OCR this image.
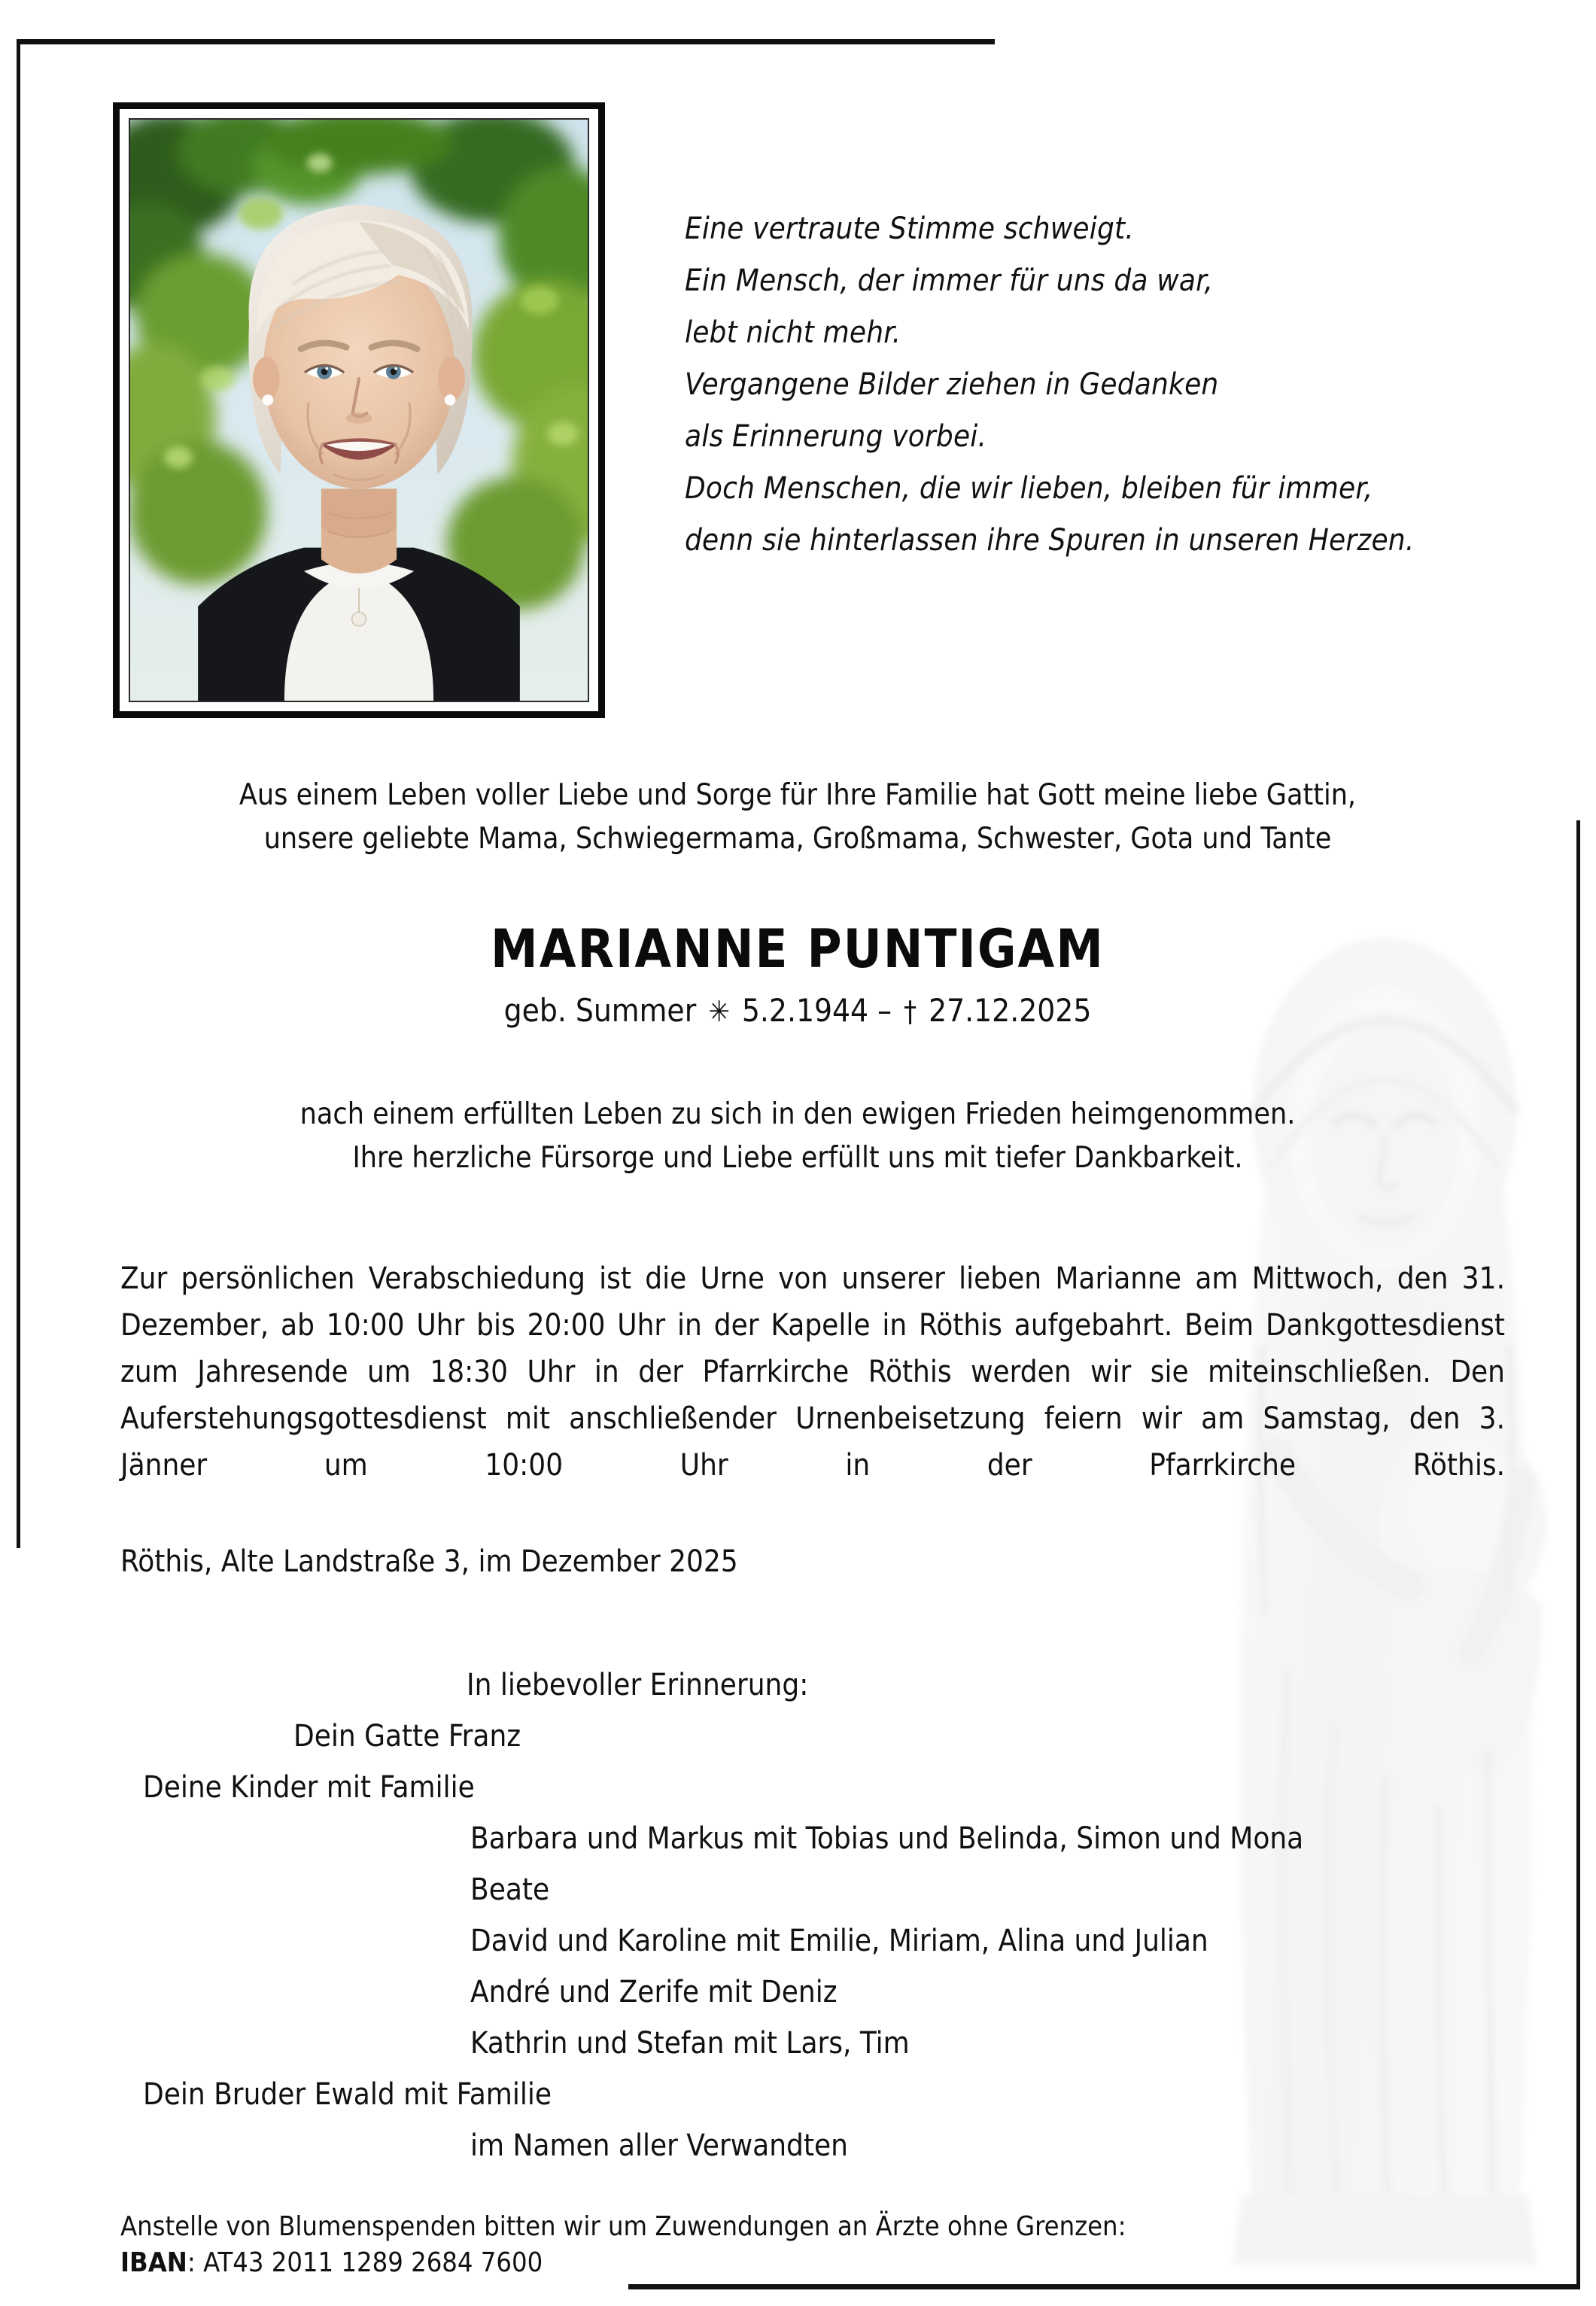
Eine vertraute Stimme schweigt.
Ein Mensch, der immer für uns da war,
lebt nicht mehr.
Vergangene Bilder ziehen in Gedanken
als Erinnerung vorbei.
Doch Menschen, die wir lieben, bleiben für immer,
denn sie hinterlassen ihre Spuren in unseren Herzen.
Aus einem Leben voller Liebe und Sorge für Ihre Familie hat Gott meine liebe Gattin,
unsere geliebte Mama, Schwiegermama, Großmama, Schwester, Gota und Tante
MARIANNE PUNTIGAM
geb. Summer ✳ 5.2.1944 – † 27.12.2025
nach einem erfüllten Leben zu sich in den ewigen Frieden heimgenommen.
Ihre herzliche Fürsorge und Liebe erfüllt uns mit tiefer Dankbarkeit.
Zur persönlichen Verabschiedung ist die Urne von unserer lieben Marianne am Mittwoch, den 31. Dezember, ab 10:00 Uhr bis 20:00 Uhr in der Kapelle in Röthis aufgebahrt. Beim Dankgottesdienst zum Jahresende um 18:30 Uhr in der Pfarrkirche Röthis werden wir sie miteinschließen. Den Auferstehungsgottesdienst mit anschließender Urnenbeisetzung feiern wir am Samstag, den 3. Jänner um 10:00 Uhr in der Pfarrkirche Röthis.
Röthis, Alte Landstraße 3, im Dezember 2025
In liebevoller Erinnerung:
Dein Gatte Franz
Deine Kinder mit Familie
Barbara und Markus mit Tobias und Belinda, Simon und Mona
Beate
David und Karoline mit Emilie, Miriam, Alina und Julian
André und Zerife mit Deniz
Kathrin und Stefan mit Lars, Tim
Dein Bruder Ewald mit Familie
im Namen aller Verwandten
Anstelle von Blumenspenden bitten wir um Zuwendungen an Ärzte ohne Grenzen:
IBAN: AT43 2011 1289 2684 7600
